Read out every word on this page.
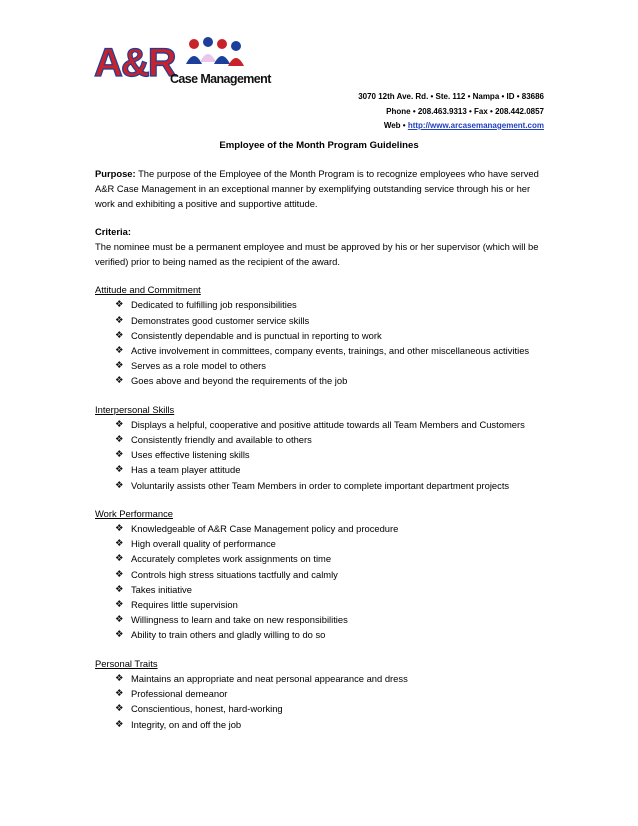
A&R
Case Management
3070 12th Ave. Rd. • Ste. 112 • Nampa • ID • 83686
Phone • 208.463.9313 • Fax • 208.442.0857
Web • http://www.arcasemanagement.com
Employee of the Month Program Guidelines

Purpose: The purpose of the Employee of the Month Program is to recognize employees who have served A&R Case Management in an exceptional manner by exemplifying outstanding service through his or her work and exhibiting a positive and supportive attitude.

Criteria:

The nominee must be a permanent employee and must be approved by his or her supervisor (which will be verified) prior to being named as the recipient of the award.

Attitude and Commitment

❖ Dedicated to fulfilling job responsibilities
❖ Demonstrates good customer service skills
❖ Consistently dependable and is punctual in reporting to work
❖ Active involvement in committees, company events, trainings, and other miscellaneous activities
❖ Serves as a role model to others
❖ Goes above and beyond the requirements of the job

Interpersonal Skills

❖ Displays a helpful, cooperative and positive attitude towards all Team Members and Customers
❖ Consistently friendly and available to others
❖ Uses effective listening skills
❖ Has a team player attitude
❖ Voluntarily assists other Team Members in order to complete important department projects

Work Performance

❖ Knowledgeable of A&R Case Management policy and procedure
❖ High overall quality of performance
❖ Accurately completes work assignments on time
❖ Controls high stress situations tactfully and calmly
❖ Takes initiative
❖ Requires little supervision
❖ Willingness to learn and take on new responsibilities
❖ Ability to train others and gladly willing to do so

Personal Traits

❖ Maintains an appropriate and neat personal appearance and dress
❖ Professional demeanor
❖ Conscientious, honest, hard-working
❖ Integrity, on and off the job
